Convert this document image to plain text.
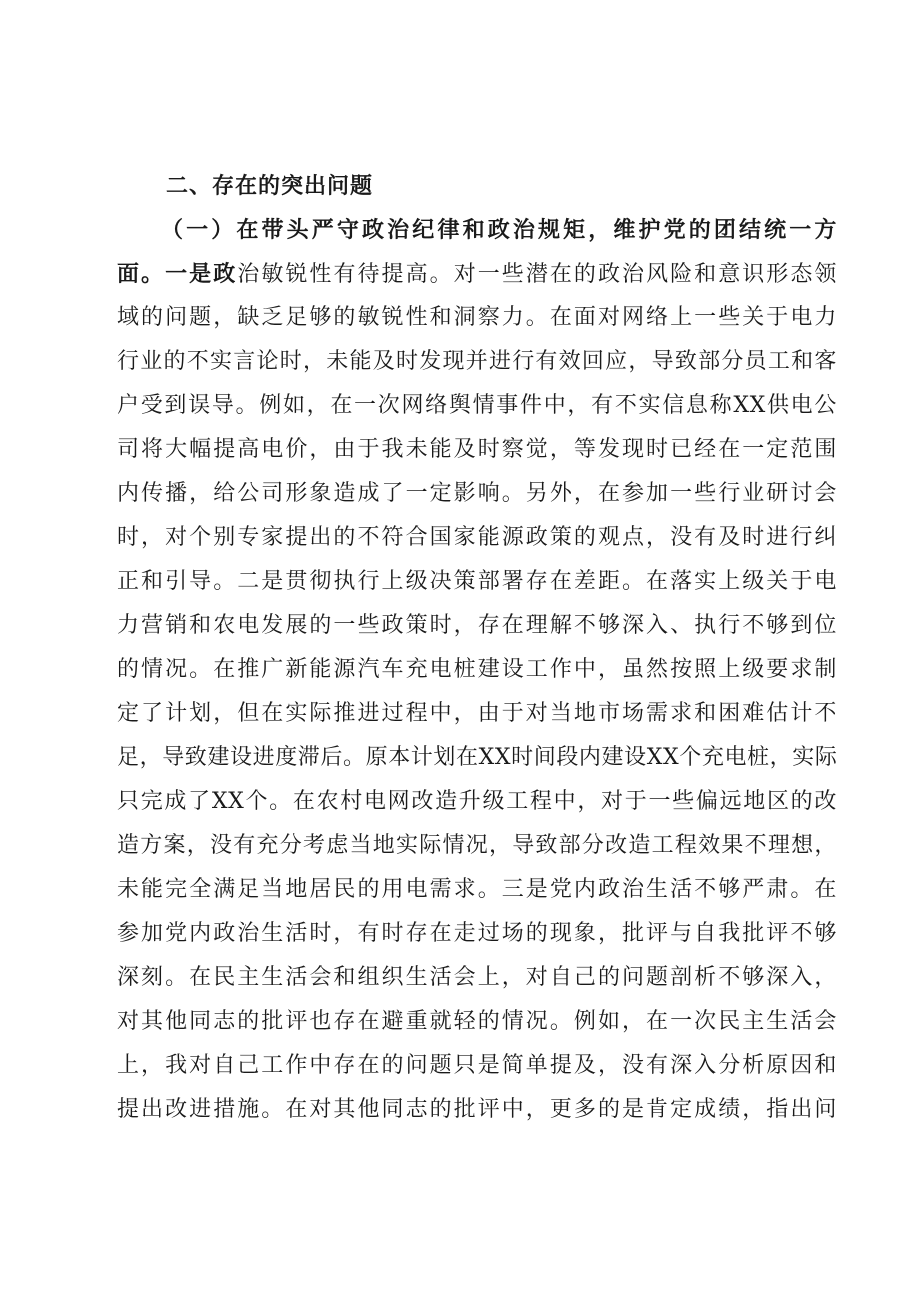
二、存在的突出问题
（一）在带头严守政治纪律和政治规矩，维护党的团结统一方
面。一是政治敏锐性有待提高。对一些潜在的政治风险和意识形态领
域的问题，缺乏足够的敏锐性和洞察力。在面对网络上一些关于电力
行业的不实言论时，未能及时发现并进行有效回应，导致部分员工和客
户受到误导。例如，在一次网络舆情事件中，有不实信息称XX供电公
司将大幅提高电价，由于我未能及时察觉，等发现时已经在一定范围
内传播，给公司形象造成了一定影响。另外，在参加一些行业研讨会
时，对个别专家提出的不符合国家能源政策的观点，没有及时进行纠
正和引导。二是贯彻执行上级决策部署存在差距。在落实上级关于电
力营销和农电发展的一些政策时，存在理解不够深入、执行不够到位
的情况。在推广新能源汽车充电桩建设工作中，虽然按照上级要求制
定了计划，但在实际推进过程中，由于对当地市场需求和困难估计不
足，导致建设进度滞后。原本计划在XX时间段内建设XX个充电桩，实际
只完成了XX个。在农村电网改造升级工程中，对于一些偏远地区的改
造方案，没有充分考虑当地实际情况，导致部分改造工程效果不理想，
未能完全满足当地居民的用电需求。三是党内政治生活不够严肃。在
参加党内政治生活时，有时存在走过场的现象，批评与自我批评不够
深刻。在民主生活会和组织生活会上，对自己的问题剖析不够深入，
对其他同志的批评也存在避重就轻的情况。例如，在一次民主生活会
上，我对自己工作中存在的问题只是简单提及，没有深入分析原因和
提出改进措施。在对其他同志的批评中，更多的是肯定成绩，指出问
